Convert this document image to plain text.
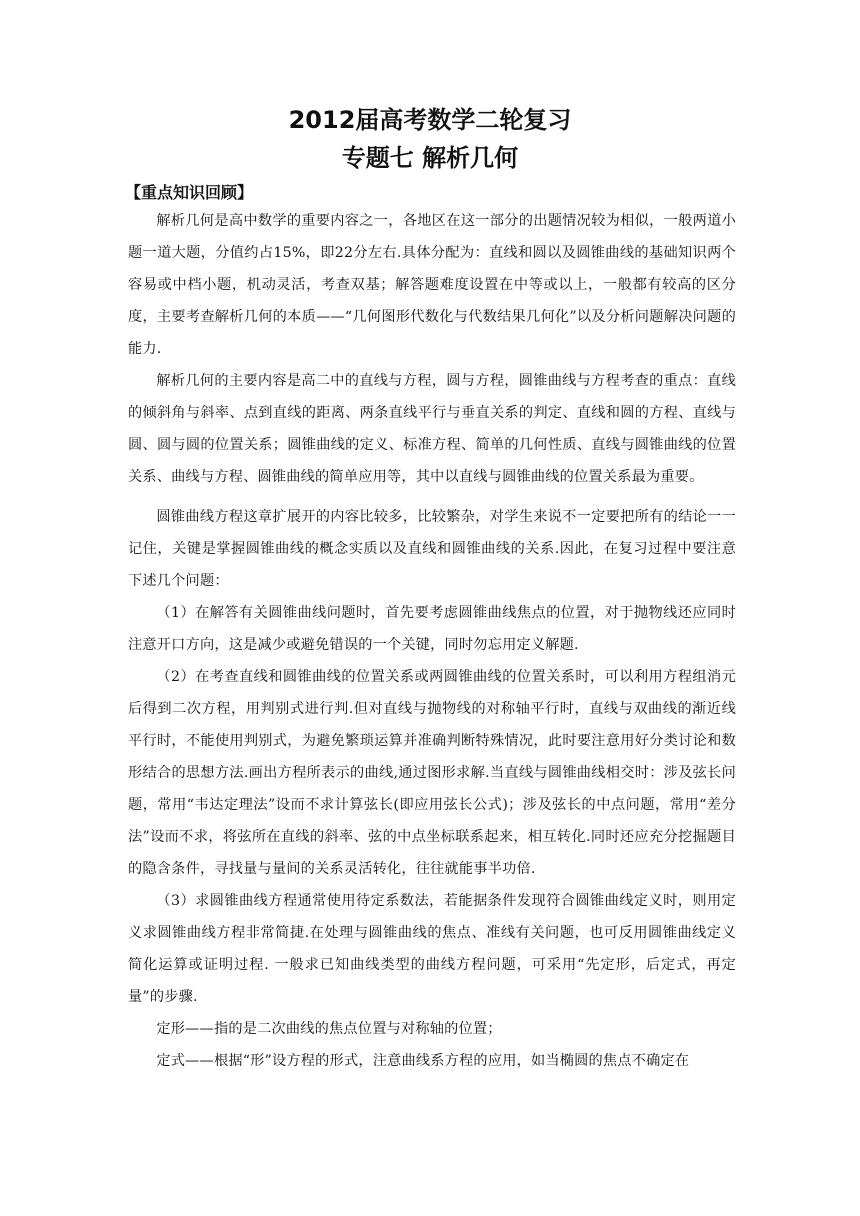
2012届高考数学二轮复习
专题七 解析几何
【重点知识回顾】

解析几何是高中数学的重要内容之一，各地区在这一部分的出题情况较为相似，一般两道小题一道大题，分值约占15%，即22分左右.具体分配为：直线和圆以及圆锥曲线的基础知识两个容易或中档小题，机动灵活，考查双基；解答题难度设置在中等或以上，一般都有较高的区分度，主要考查解析几何的本质——“几何图形代数化与代数结果几何化”以及分析问题解决问题的能力.

解析几何的主要内容是高二中的直线与方程，圆与方程，圆锥曲线与方程考查的重点：直线的倾斜角与斜率、点到直线的距离、两条直线平行与垂直关系的判定、直线和圆的方程、直线与圆、圆与圆的位置关系；圆锥曲线的定义、标准方程、简单的几何性质、直线与圆锥曲线的位置关系、曲线与方程、圆锥曲线的简单应用等，其中以直线与圆锥曲线的位置关系最为重要。

圆锥曲线方程这章扩展开的内容比较多，比较繁杂，对学生来说不一定要把所有的结论一一记住，关键是掌握圆锥曲线的概念实质以及直线和圆锥曲线的关系.因此，在复习过程中要注意下述几个问题：

（1）在解答有关圆锥曲线问题时，首先要考虑圆锥曲线焦点的位置，对于抛物线还应同时注意开口方向，这是减少或避免错误的一个关键，同时勿忘用定义解题.

（2）在考查直线和圆锥曲线的位置关系或两圆锥曲线的位置关系时，可以利用方程组消元后得到二次方程，用判别式进行判.但对直线与抛物线的对称轴平行时，直线与双曲线的渐近线平行时，不能使用判别式，为避免繁琐运算并准确判断特殊情况，此时要注意用好分类讨论和数形结合的思想方法.画出方程所表示的曲线,通过图形求解.当直线与圆锥曲线相交时：涉及弦长问题，常用“韦达定理法”设而不求计算弦长(即应用弦长公式)；涉及弦长的中点问题，常用“差分法”设而不求，将弦所在直线的斜率、弦的中点坐标联系起来，相互转化.同时还应充分挖掘题目的隐含条件，寻找量与量间的关系灵活转化，往往就能事半功倍.

（3）求圆锥曲线方程通常使用待定系数法，若能据条件发现符合圆锥曲线定义时，则用定义求圆锥曲线方程非常简捷.在处理与圆锥曲线的焦点、准线有关问题，也可反用圆锥曲线定义简化运算或证明过程. 一般求已知曲线类型的曲线方程问题，可采用“先定形，后定式，再定量”的步骤.

定形——指的是二次曲线的焦点位置与对称轴的位置；

定式——根据“形”设方程的形式，注意曲线系方程的应用，如当椭圆的焦点不确定在
